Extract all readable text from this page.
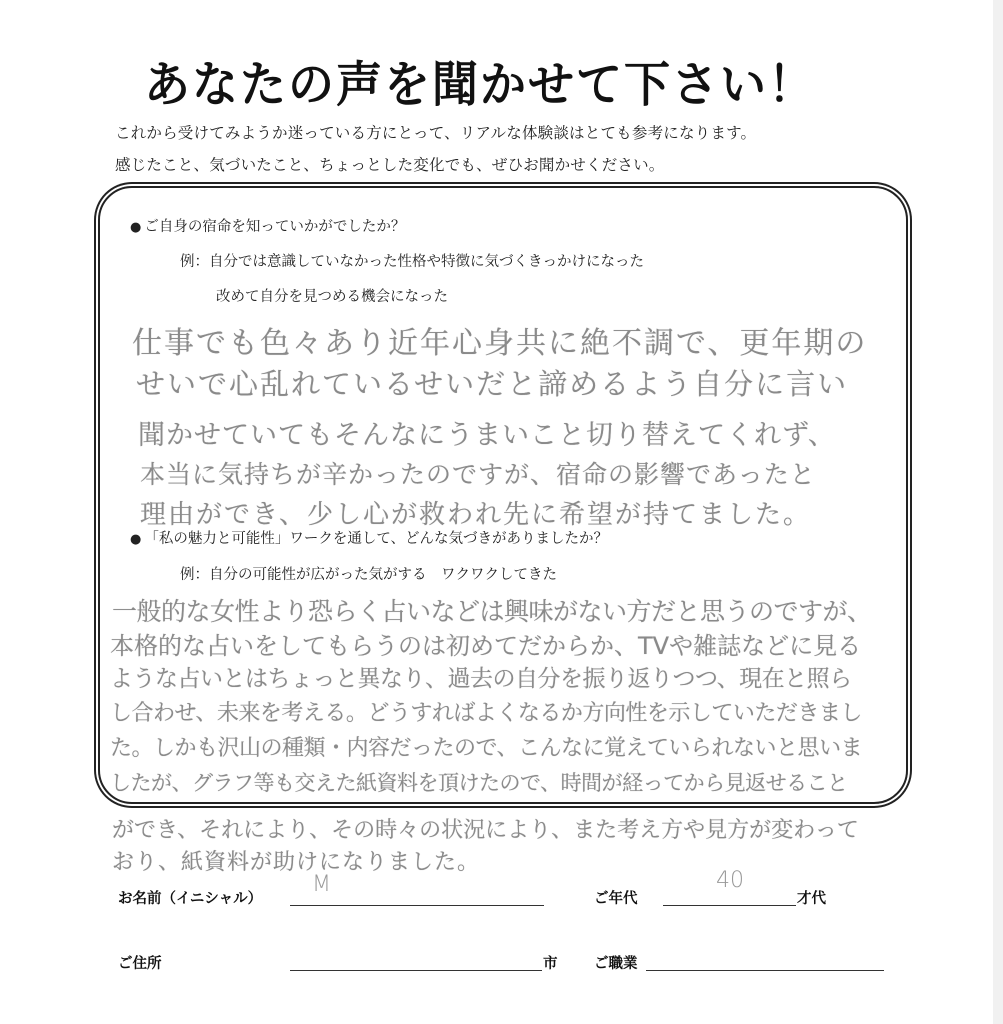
あなたの声を聞かせて下さい！
これから受けてみようか迷っている方にとって、リアルな体験談はとても参考になります。
感じたこと、気づいたこと、ちょっとした変化でも、ぜひお聞かせください。
● ご自身の宿命を知っていかがでしたか？
例：自分では意識していなかった性格や特徴に気づくきっかけになった
改めて自分を見つめる機会になった
仕事でも色々あり近年心身共に絶不調で、更年期の
せいで心乱れているせいだと諦めるよう自分に言い
聞かせていてもそんなにうまいこと切り替えてくれず、
本当に気持ちが辛かったのですが、宿命の影響であったと
理由ができ、少し心が救われ先に希望が持てました。
● 「私の魅力と可能性」ワークを通して、どんな気づきがありましたか？
例：自分の可能性が広がった気がする　ワクワクしてきた
一般的な女性より恐らく占いなどは興味がない方だと思うのですが、
本格的な占いをしてもらうのは初めてだからか、TVや雑誌などに見る
ような占いとはちょっと異なり、過去の自分を振り返りつつ、現在と照ら
し合わせ、未来を考える。どうすればよくなるか方向性を示していただきまし
た。しかも沢山の種類・内容だったので、こんなに覚えていられないと思いま
したが、グラフ等も交えた紙資料を頂けたので、時間が経ってから見返せること
ができ、それにより、その時々の状況により、また考え方や見方が変わって
おり、紙資料が助けになりました。
お名前（イニシャル）
M
ご年代
40
才代
ご住所	市	ご職業
